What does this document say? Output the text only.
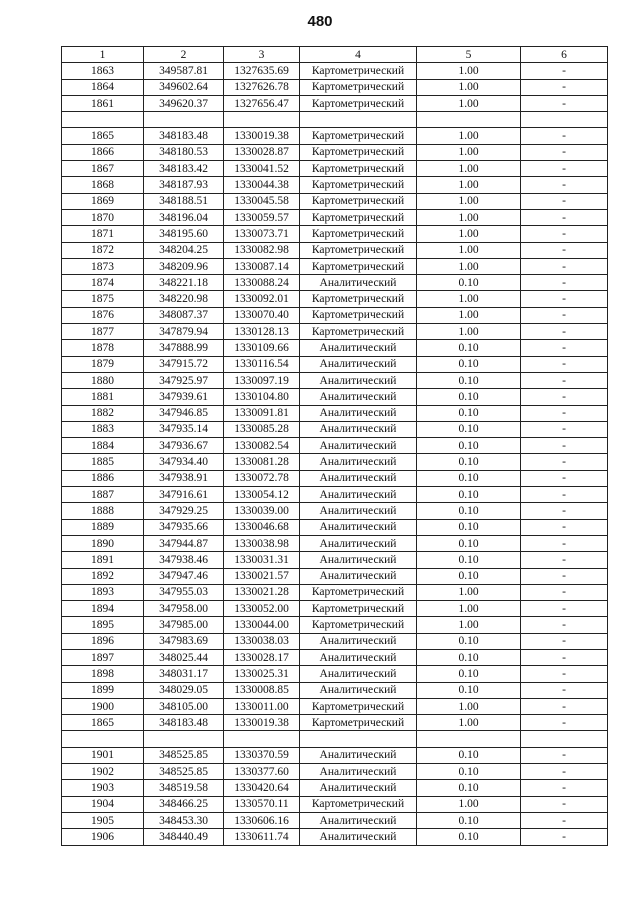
480
1	2	3	4	5	6
1863	349587.81	1327635.69	Картометрический	1.00	-
1864	349602.64	1327626.78	Картометрический	1.00	-
1861	349620.37	1327656.47	Картометрический	1.00	-

1865	348183.48	1330019.38	Картометрический	1.00	-
1866	348180.53	1330028.87	Картометрический	1.00	-
1867	348183.42	1330041.52	Картометрический	1.00	-
1868	348187.93	1330044.38	Картометрический	1.00	-
1869	348188.51	1330045.58	Картометрический	1.00	-
1870	348196.04	1330059.57	Картометрический	1.00	-
1871	348195.60	1330073.71	Картометрический	1.00	-
1872	348204.25	1330082.98	Картометрический	1.00	-
1873	348209.96	1330087.14	Картометрический	1.00	-
1874	348221.18	1330088.24	Аналитический	0.10	-
1875	348220.98	1330092.01	Картометрический	1.00	-
1876	348087.37	1330070.40	Картометрический	1.00	-
1877	347879.94	1330128.13	Картометрический	1.00	-
1878	347888.99	1330109.66	Аналитический	0.10	-
1879	347915.72	1330116.54	Аналитический	0.10	-
1880	347925.97	1330097.19	Аналитический	0.10	-
1881	347939.61	1330104.80	Аналитический	0.10	-
1882	347946.85	1330091.81	Аналитический	0.10	-
1883	347935.14	1330085.28	Аналитический	0.10	-
1884	347936.67	1330082.54	Аналитический	0.10	-
1885	347934.40	1330081.28	Аналитический	0.10	-
1886	347938.91	1330072.78	Аналитический	0.10	-
1887	347916.61	1330054.12	Аналитический	0.10	-
1888	347929.25	1330039.00	Аналитический	0.10	-
1889	347935.66	1330046.68	Аналитический	0.10	-
1890	347944.87	1330038.98	Аналитический	0.10	-
1891	347938.46	1330031.31	Аналитический	0.10	-
1892	347947.46	1330021.57	Аналитический	0.10	-
1893	347955.03	1330021.28	Картометрический	1.00	-
1894	347958.00	1330052.00	Картометрический	1.00	-
1895	347985.00	1330044.00	Картометрический	1.00	-
1896	347983.69	1330038.03	Аналитический	0.10	-
1897	348025.44	1330028.17	Аналитический	0.10	-
1898	348031.17	1330025.31	Аналитический	0.10	-
1899	348029.05	1330008.85	Аналитический	0.10	-
1900	348105.00	1330011.00	Картометрический	1.00	-
1865	348183.48	1330019.38	Картометрический	1.00	-

1901	348525.85	1330370.59	Аналитический	0.10	-
1902	348525.85	1330377.60	Аналитический	0.10	-
1903	348519.58	1330420.64	Аналитический	0.10	-
1904	348466.25	1330570.11	Картометрический	1.00	-
1905	348453.30	1330606.16	Аналитический	0.10	-
1906	348440.49	1330611.74	Аналитический	0.10	-
